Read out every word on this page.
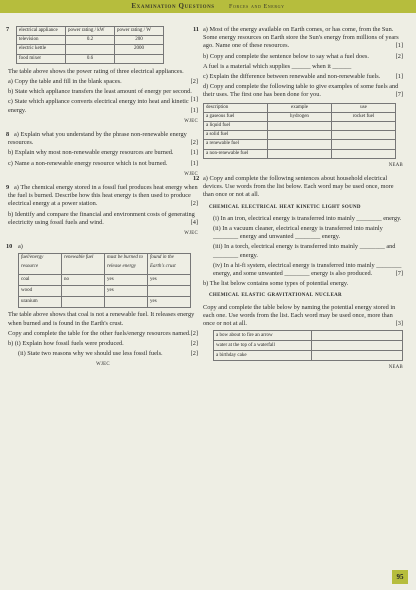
Examination Questions Forces and Energy
7 electrical appliance	power rating / kW	power rating / W
television	0.2	200
electric kettle		2000
food mixer	0.6	

The table above shows the power rating of three electrical appliances.

a) Copy the table and fill in the blank spaces.	[2]

b) State which appliance transfers the least amount of energy per second.
[1]

c) State which appliance converts electrical energy into heat and kinetic energy.	[1]

WJEC

8 a) Explain what you understand by the phrase non-renewable energy resources.	[2]

b) Explain why most non-renewable energy resources are burned.	[1]

c) Name a non-renewable energy resource which is not burned.	[1]

WJEC

9 a) The chemical energy stored in a fossil fuel produces heat energy when the fuel is burned. Describe how this heat energy is then used to produce electrical energy at a power station.	[2]

b) Identify and compare the financial and environment costs of generating electricity using fossil fuels and wind.	[4]

WJEC
10 a)
fuel/energy resource	renewable fuel	must be burned to release energy	found in the Earth's crust
coal	no	yes	yes
wood		yes	
uranium			yes

The table above shows that coal is not a renewable fuel. It releases energy when burned and is found in the Earth's crust.

Copy and complete the table for the other fuels/energy resources named. [2]

b) (i) Explain how fossil fuels were produced.	[2]

(ii) State two reasons why we should use less fossil fuels.	[2]

WJEC

11 a) Most of the energy available on Earth comes, or has come, from the Sun. Some energy resources on Earth store the Sun's energy from millions of years ago. Name one of these resources.	[1]

b) Copy and complete the sentence below to say what a fuel does.	[2]

A fuel is a material which supplies ______ when it ______

c) Explain the difference between renewable and non-renewable fuels. [1]

d) Copy and complete the following table to give examples of some fuels and their uses. The first one has been done for you.	[7]

description	example	use
a gaseous fuel	hydrogen	rocket fuel
a liquid fuel		
a solid fuel		
a renewable fuel		
a non-renewable fuel		
NEAB

12 a) Copy and complete the following sentences about household electrical devices. Use words from the list below. Each word may be used once, more than once or not at all.

chemical electrical heat kinetic light sound

(i) In an iron, electrical energy is transferred into mainly ________ energy.

(ii) In a vacuum cleaner, electrical energy is transferred into mainly ________ energy and unwanted ________ energy.

(iii) In a torch, electrical energy is transferred into mainly ________ and ________ energy.

(iv) In a hi-fi system, electrical energy is transferred into mainly ________ energy, and some unwanted ________ energy is also produced.	[7]

b) The list below contains some types of potential energy.

chemical elastic gravitational nuclear

Copy and complete the table below by naming the potential energy stored in each one. Use words from the list. Each word may be used once, more than once or not at all.	[3]

a bow about to fire an arrow	
water at the top of a waterfall	
a birthday cake	
NEAB
95
